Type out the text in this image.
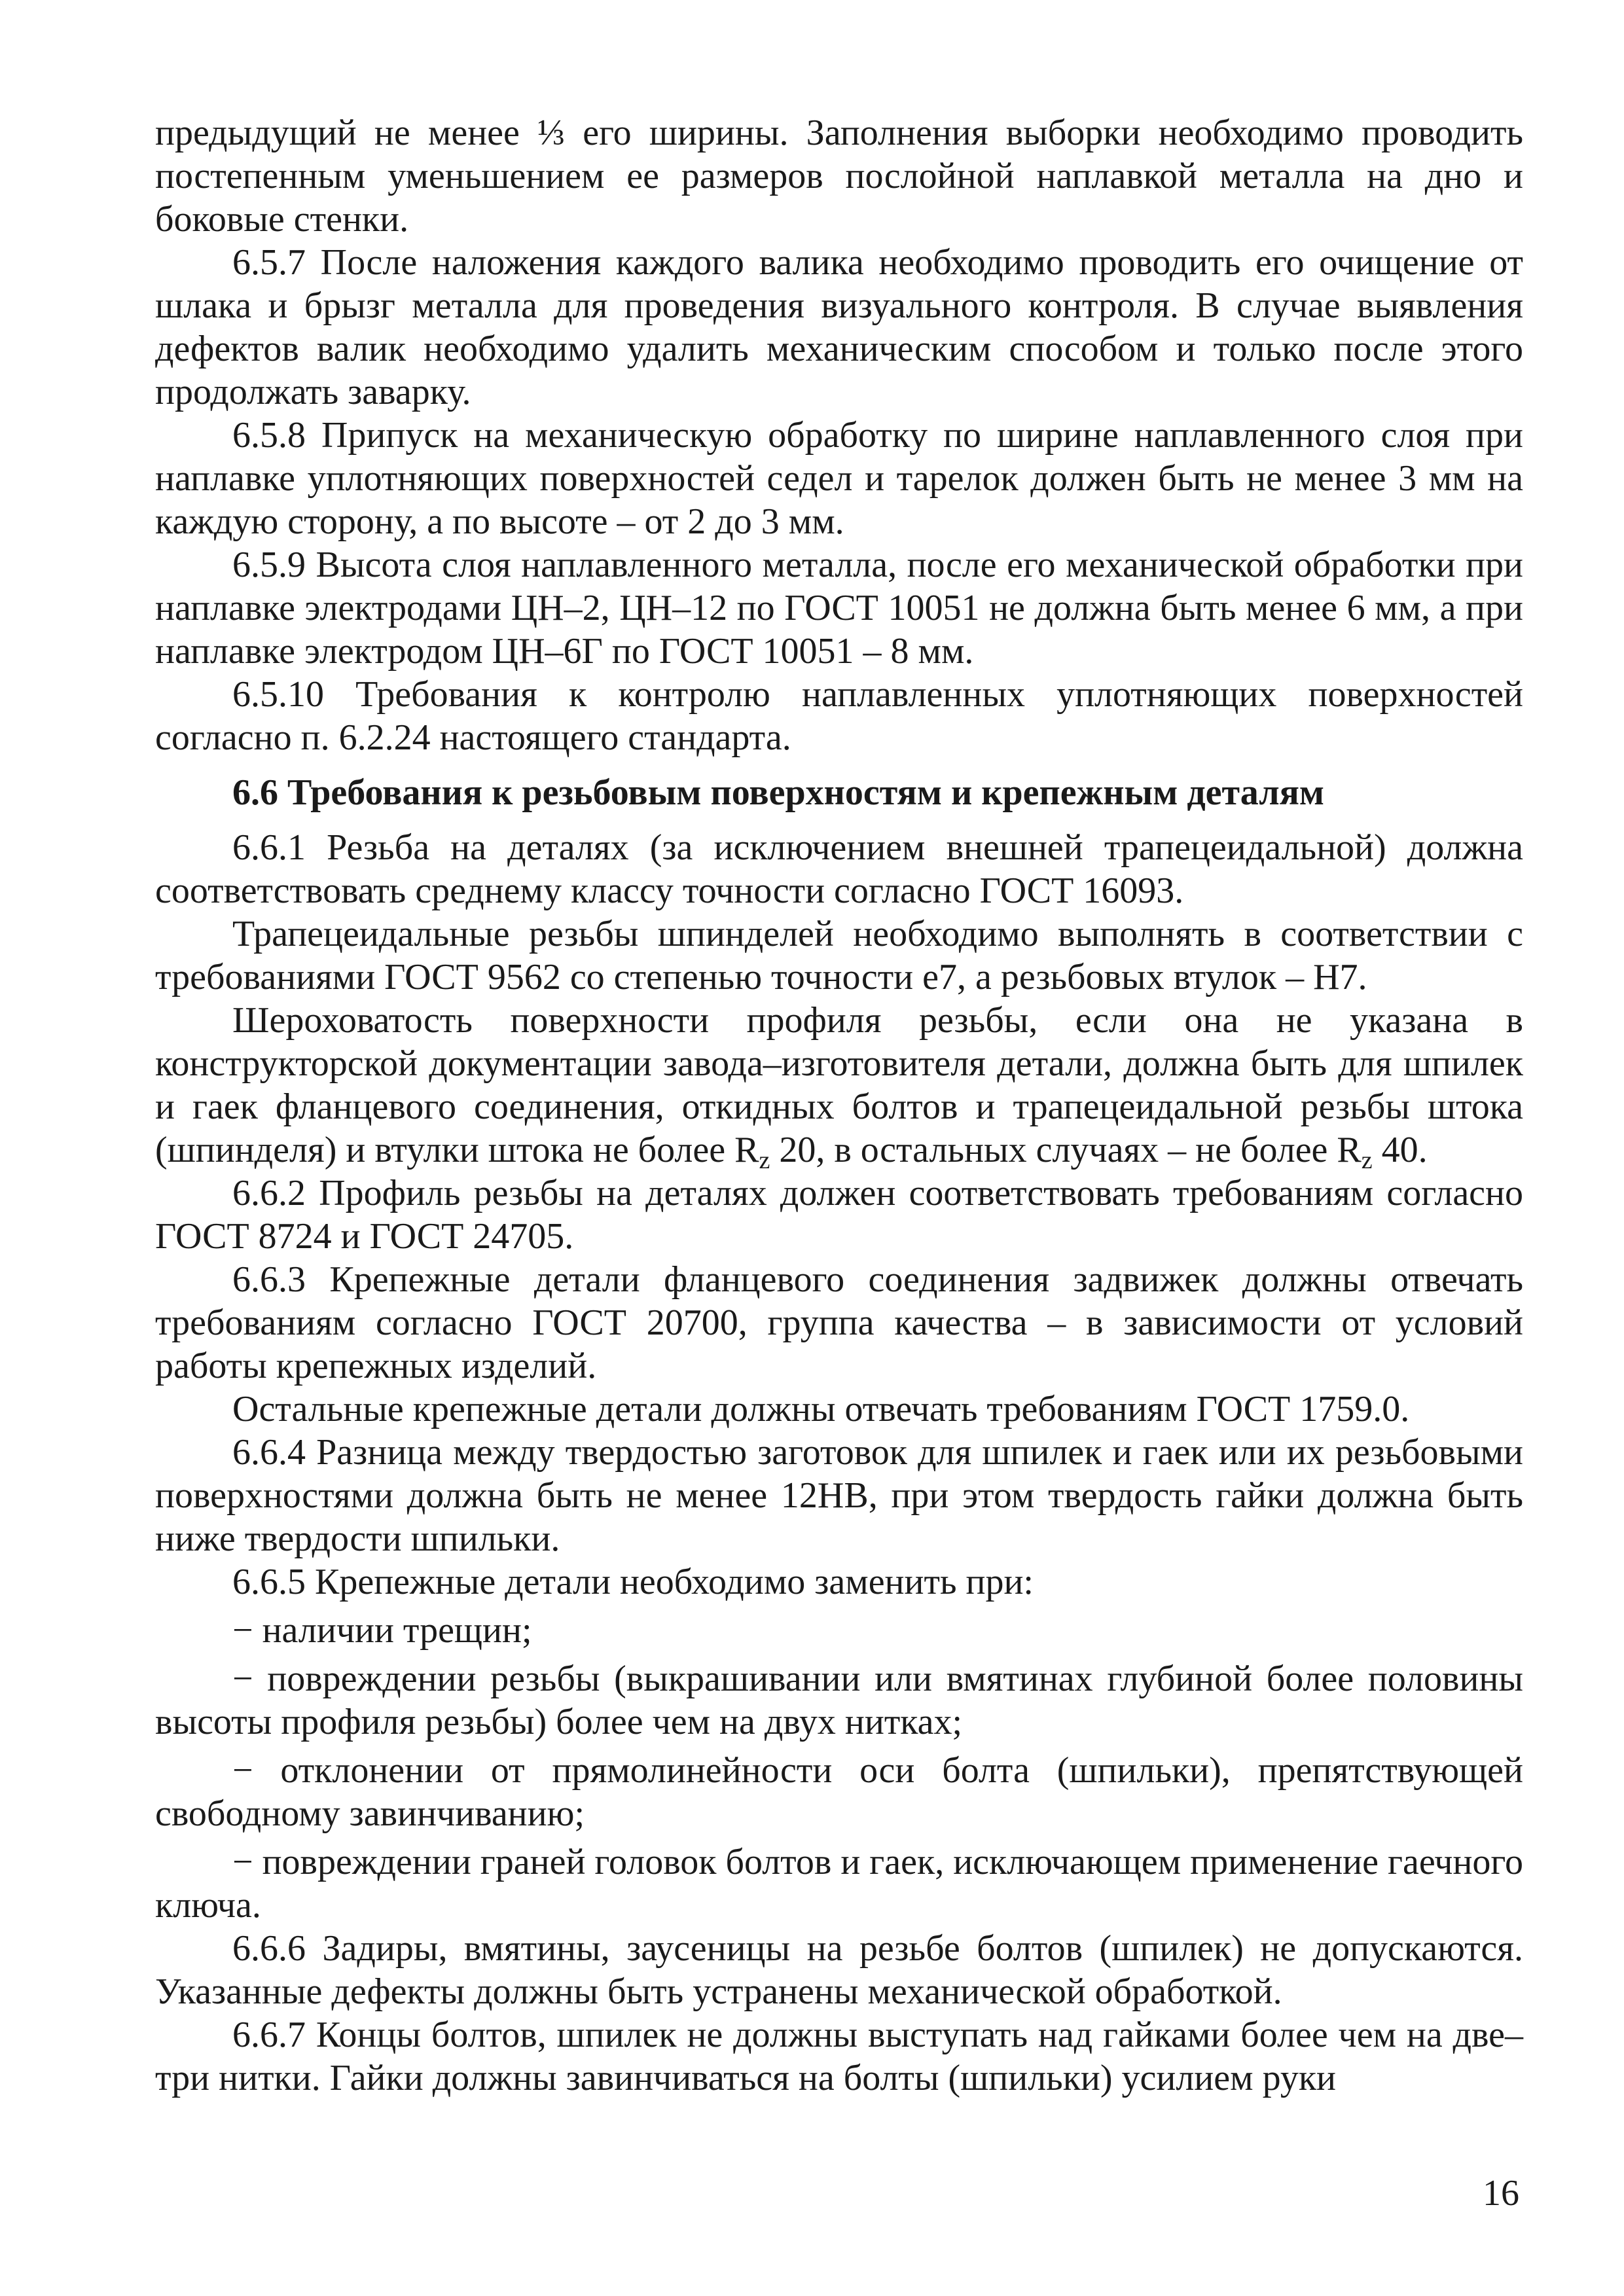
предыдущий не менее ⅓ его ширины. Заполнения выборки необходимо проводить постепенным уменьшением ее размеров послойной наплавкой металла на дно и боковые стенки.

6.5.7 После наложения каждого валика необходимо проводить его очищение от шлака и брызг металла для проведения визуального контроля. В случае выявления дефектов валик необходимо удалить механическим способом и только после этого продолжать заварку.

6.5.8 Припуск на механическую обработку по ширине наплавленного слоя при наплавке уплотняющих поверхностей седел и тарелок должен быть не менее 3 мм на каждую сторону, а по высоте – от 2 до 3 мм.

6.5.9 Высота слоя наплавленного металла, после его механической обработки при наплавке электродами ЦН–2, ЦН–12 по ГОСТ 10051 не должна быть менее 6 мм, а при наплавке электродом ЦН–6Г по ГОСТ 10051 – 8 мм.

6.5.10 Требования к контролю наплавленных уплотняющих поверхностей согласно п. 6.2.24 настоящего стандарта.

6.6 Требования к резьбовым поверхностям и крепежным деталям

6.6.1 Резьба на деталях (за исключением внешней трапецеидальной) должна соответствовать среднему классу точности согласно ГОСТ 16093.

Трапецеидальные резьбы шпинделей необходимо выполнять в соответствии с требованиями ГОСТ 9562 со степенью точности е7, а резьбовых втулок – Н7.

Шероховатость поверхности профиля резьбы, если она не указана в конструкторской документации завода–изготовителя детали, должна быть для шпилек и гаек фланцевого соединения, откидных болтов и трапецеидальной резьбы штока (шпинделя) и втулки штока не более $R_z$ 20, в остальных случаях – не более $R_z$ 40.

6.6.2 Профиль резьбы на деталях должен соответствовать требованиям согласно ГОСТ 8724 и ГОСТ 24705.

6.6.3 Крепежные детали фланцевого соединения задвижек должны отвечать требованиям согласно ГОСТ 20700, группа качества – в зависимости от условий работы крепежных изделий.

Остальные крепежные детали должны отвечать требованиям ГОСТ 1759.0.

6.6.4 Разница между твердостью заготовок для шпилек и гаек или их резьбовыми поверхностями должна быть не менее 12НВ, при этом твердость гайки должна быть ниже твердости шпильки.

6.6.5 Крепежные детали необходимо заменить при:

− наличии трещин;

− повреждении резьбы (выкрашивании или вмятинах глубиной более половины высоты профиля резьбы) более чем на двух нитках;

− отклонении от прямолинейности оси болта (шпильки), препятствующей свободному завинчиванию;

− повреждении граней головок болтов и гаек, исключающем применение гаечного ключа.

6.6.6 Задиры, вмятины, заусеницы на резьбе болтов (шпилек) не допускаются. Указанные дефекты должны быть устранены механической обработкой.

6.6.7 Концы болтов, шпилек не должны выступать над гайками более чем на две–три нитки. Гайки должны завинчиваться на болты (шпильки) усилием руки

16
